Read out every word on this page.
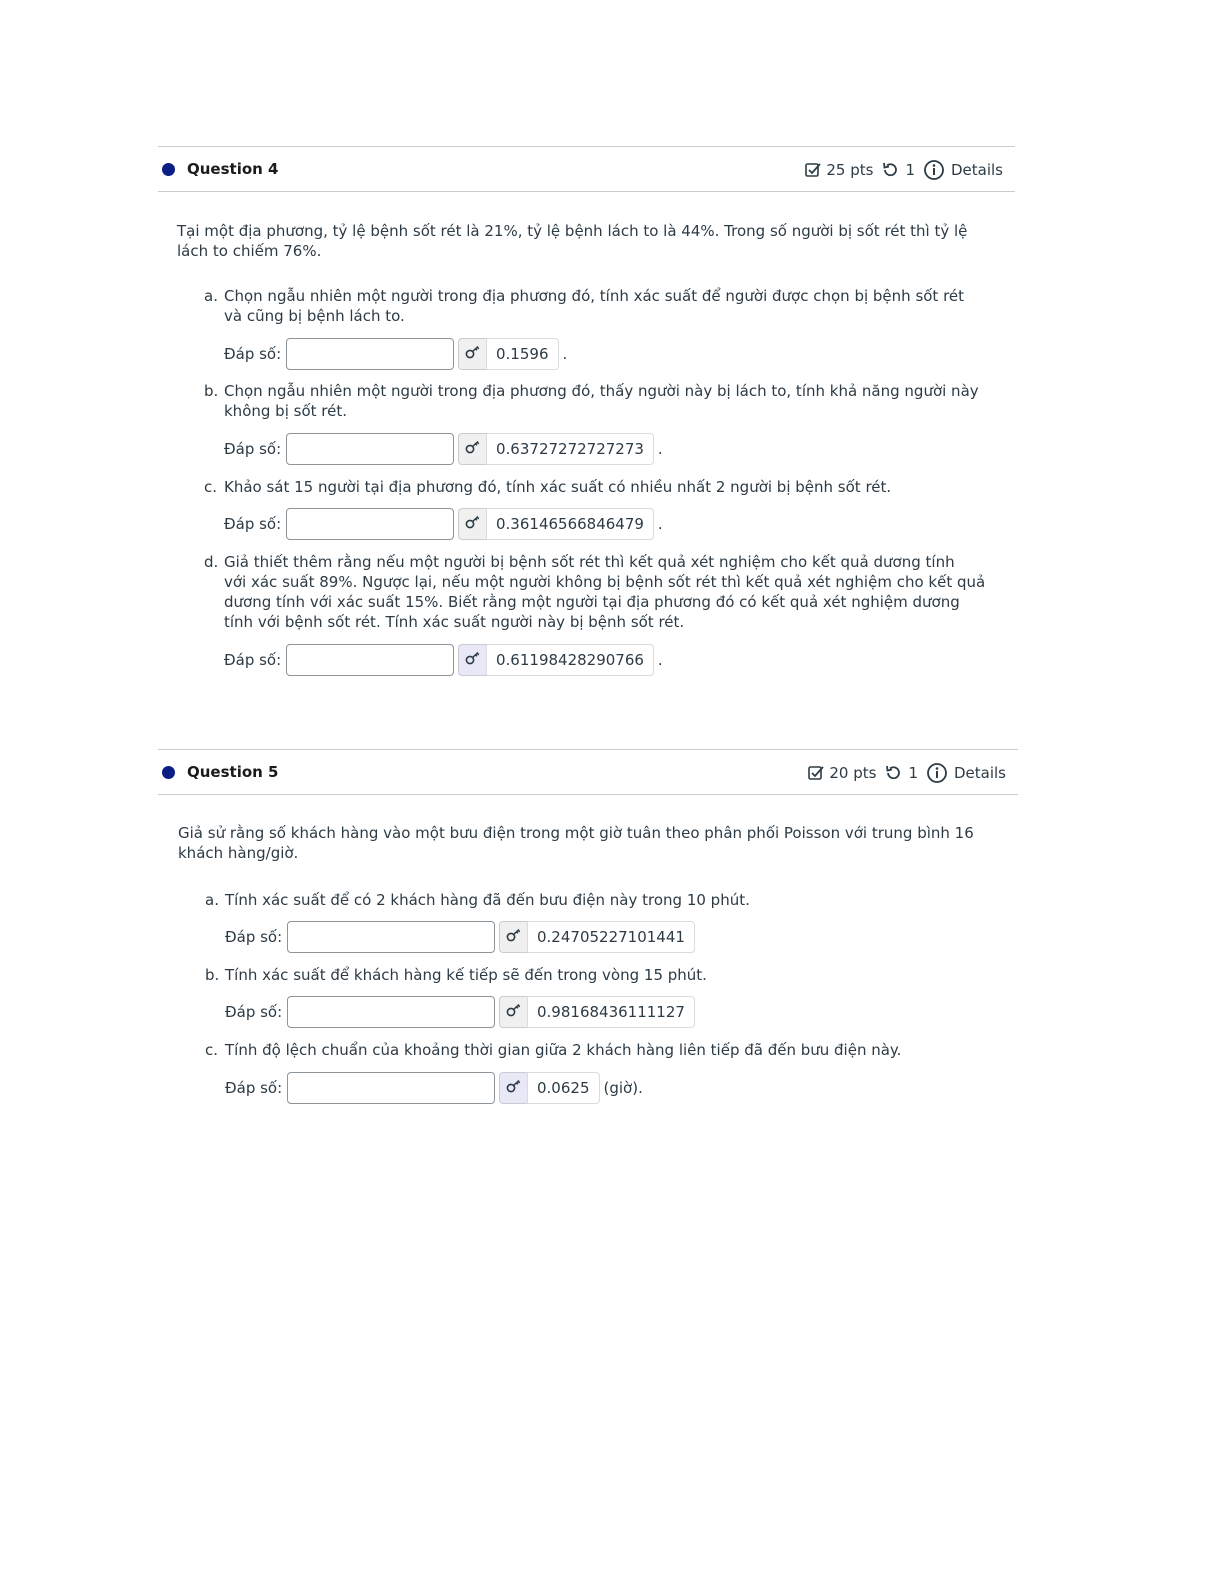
Question 4	25 pts 1 Details
Tại một địa phương, tỷ lệ bệnh sốt rét là 21%, tỷ lệ bệnh lách to là 44%. Trong số người bị sốt rét thì tỷ lệ
lách to chiếm 76%.
a. Chọn ngẫu nhiên một người trong địa phương đó, tính xác suất để người được chọn bị bệnh sốt rét
và cũng bị bệnh lách to.
Đáp số:	0.1596 .
b. Chọn ngẫu nhiên một người trong địa phương đó, thấy người này bị lách to, tính khả năng người này
không bị sốt rét.
Đáp số:	0.63727272727273 .
c. Khảo sát 15 người tại địa phương đó, tính xác suất có nhiều nhất 2 người bị bệnh sốt rét.
Đáp số:	0.36146566846479 .
d. Giả thiết thêm rằng nếu một người bị bệnh sốt rét thì kết quả xét nghiệm cho kết quả dương tính
với xác suất 89%. Ngược lại, nếu một người không bị bệnh sốt rét thì kết quả xét nghiệm cho kết quả
dương tính với xác suất 15%. Biết rằng một người tại địa phương đó có kết quả xét nghiệm dương
tính với bệnh sốt rét. Tính xác suất người này bị bệnh sốt rét.
Đáp số:	0.61198428290766 .
Question 5	20 pts 1 Details
Giả sử rằng số khách hàng vào một bưu điện trong một giờ tuân theo phân phối Poisson với trung bình 16
khách hàng/giờ.
a. Tính xác suất để có 2 khách hàng đã đến bưu điện này trong 10 phút.
Đáp số:	0.24705227101441
b. Tính xác suất để khách hàng kế tiếp sẽ đến trong vòng 15 phút.
Đáp số:	0.98168436111127
c. Tính độ lệch chuẩn của khoảng thời gian giữa 2 khách hàng liên tiếp đã đến bưu điện này.
Đáp số:	0.0625 (giờ).
